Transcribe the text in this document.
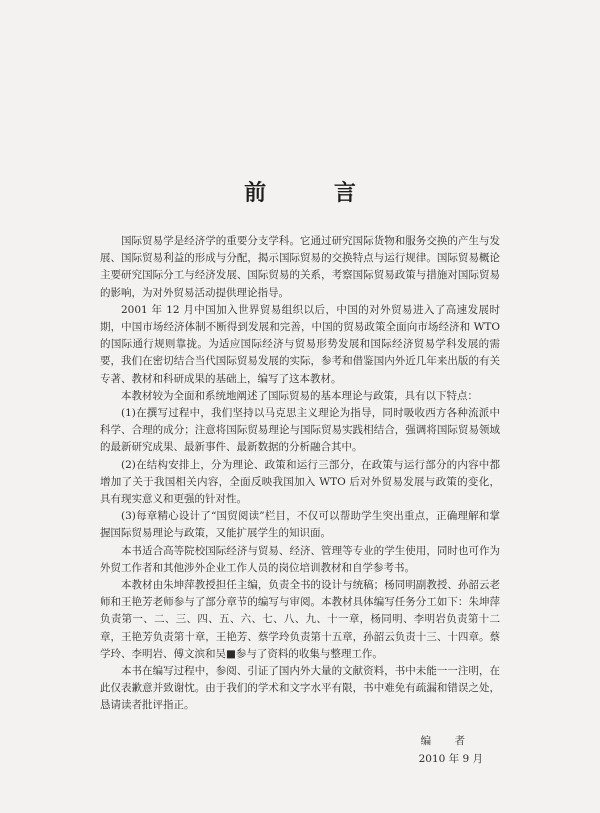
前 言

国际贸易学是经济学的重要分支学科。它通过研究国际货物和服务交换的产生与发展、国际贸易利益的形成与分配，揭示国际贸易的交换特点与运行规律。国际贸易概论主要研究国际分工与经济发展、国际贸易的关系，考察国际贸易政策与措施对国际贸易的影响，为对外贸易活动提供理论指导。

2001 年 12 月中国加入世界贸易组织以后，中国的对外贸易进入了高速发展时期，中国市场经济体制不断得到发展和完善，中国的贸易政策全面向市场经济和 WTO 的国际通行规则靠拢。为适应国际经济与贸易形势发展和国际经济贸易学科发展的需要，我们在密切结合当代国际贸易发展的实际，参考和借鉴国内外近几年来出版的有关专著、教材和科研成果的基础上，编写了这本教材。

本教材较为全面和系统地阐述了国际贸易的基本理论与政策，具有以下特点：

(1)在撰写过程中，我们坚持以马克思主义理论为指导，同时吸收西方各种流派中科学、合理的成分；注意将国际贸易理论与国际贸易实践相结合，强调将国际贸易领域的最新研究成果、最新事件、最新数据的分析融合其中。

(2)在结构安排上，分为理论、政策和运行三部分，在政策与运行部分的内容中都增加了关于我国相关内容，全面反映我国加入 WTO 后对外贸易发展与政策的变化，具有现实意义和更强的针对性。

(3)每章精心设计了“国贸阅读”栏目，不仅可以帮助学生突出重点，正确理解和掌握国际贸易理论与政策，又能扩展学生的知识面。

本书适合高等院校国际经济与贸易、经济、管理等专业的学生使用，同时也可作为外贸工作者和其他涉外企业工作人员的岗位培训教材和自学参考书。

本教材由朱坤萍教授担任主编，负责全书的设计与统稿；杨同明副教授、孙韶云老师和王艳芳老师参与了部分章节的编写与审阅。本教材具体编写任务分工如下：朱坤萍负责第一、二、三、四、五、六、七、八、九、十一章，杨同明、李明岩负责第十二章，王艳芳负责第十章，王艳芳、蔡学玲负责第十五章，孙韶云负责十三、十四章。蔡学玲、李明岩、傅文滨和吴■参与了资料的收集与整理工作。

本书在编写过程中，参阅、引证了国内外大量的文献资料，书中未能一一注明，在此仅表歉意并致谢忱。由于我们的学术和文字水平有限，书中难免有疏漏和错误之处，恳请读者批评指正。

编 者
2010 年 9 月
